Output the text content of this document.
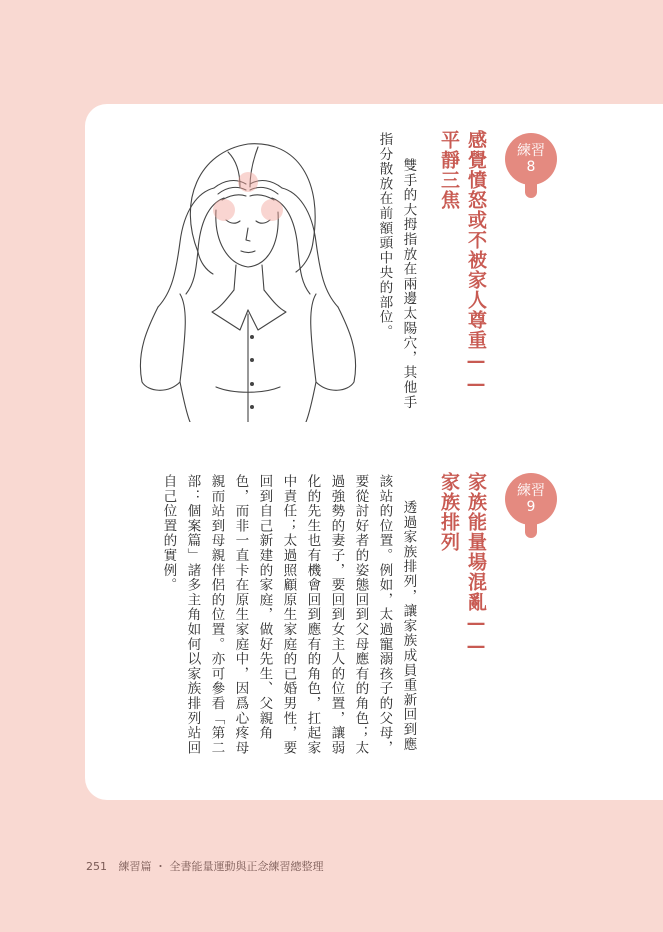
練習
8
感覺憤怒或不被家人尊重——
平靜三焦
雙手的大拇指放在兩邊太陽穴，其他手
指分散放在前額頭中央的部位。
練習
9
家族能量場混亂——
家族排列
透過家族排列，讓家族成員重新回到應
該站的位置。例如，太過寵溺孩子的父母，
要從討好者的姿態回到父母應有的角色；太
過強勢的妻子，要回到女主人的位置，讓弱
化的先生也有機會回到應有的角色，扛起家
中責任；太過照顧原生家庭的已婚男性，要
回到自己新建的家庭，做好先生、父親角
色，而非一直卡在原生家庭中，因爲心疼母
親而站到母親伴侶的位置。亦可參看「第二
部：個案篇」諸多主角如何以家族排列站回
自己位置的實例。
251 練習篇 ・ 全書能量運動與正念練習總整理
